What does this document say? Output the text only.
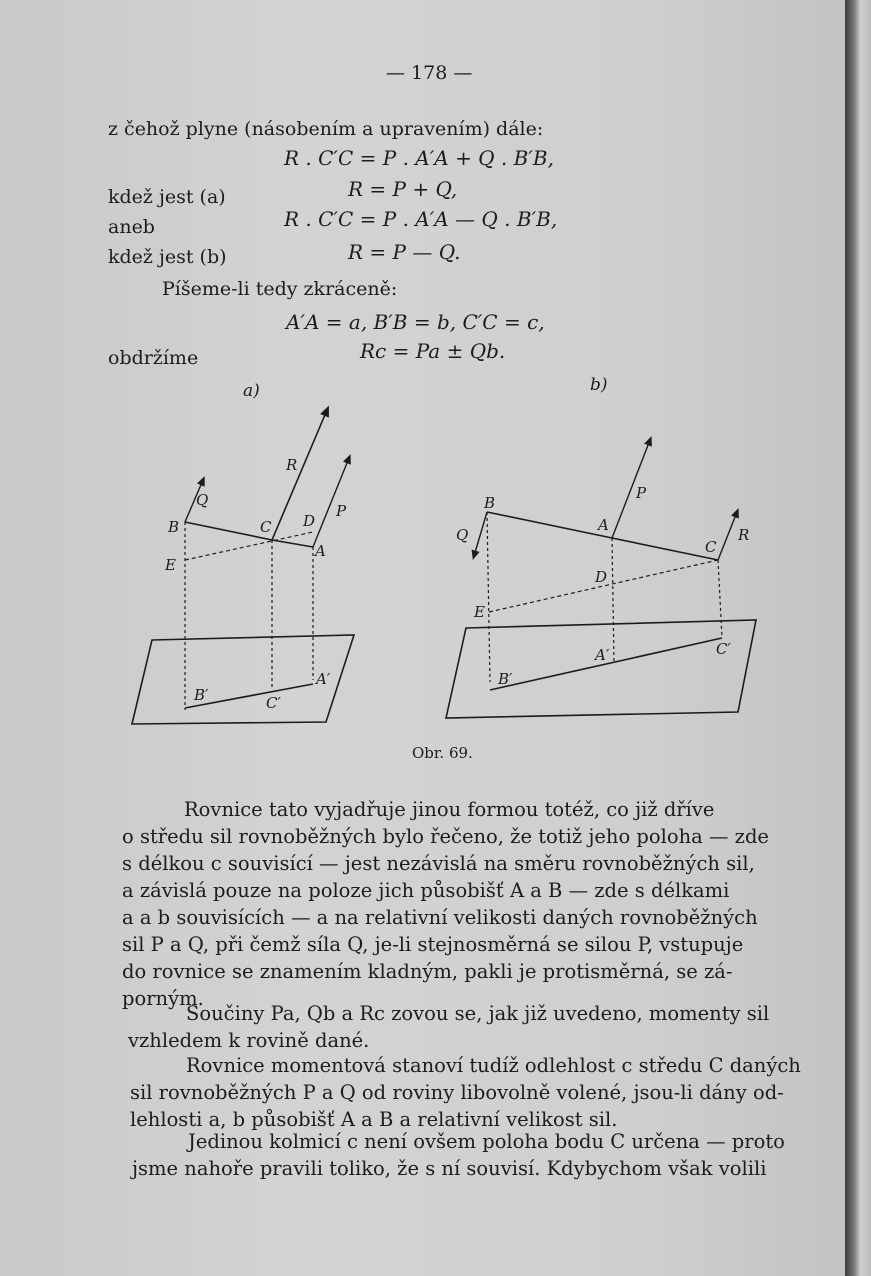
— 178 —
z čehož plyne (násobením a upravením) dále:
R . C′C = P . A′A + Q . B′B,
kdež jest (a)	R = P + Q,
aneb	R . C′C = P . A′A — Q . B′B,
kdež jest (b)	R = P — Q.
Píšeme-li tedy zkráceně:
A′A = a, B′B = b, C′C = c,
obdržíme	Rc = Pa ± Qb.
a)
R
Q
P
B	C D
A
E
B′	C′
A′
b)
B
Q
P
A
C
R
D
E
A′	C′
B′
Obr. 69.
Rovnice tato vyjadřuje jinou formou totéž, co již dříve
o středu sil rovnoběžných bylo řečeno, že totiž jeho poloha — zde
s délkou c souvisící — jest nezávislá na směru rovnoběžných sil,
a závislá pouze na poloze jich působišť A a B — zde s délkami
a a b souvisících — a na relativní velikosti daných rovnoběžných
sil P a Q, při čemž síla Q, je-li stejnosměrná se silou P, vstupuje
do rovnice se znamením kladným, pakli je protisměrná, se zá-
porným.
Součiny Pa, Qb a Rc zovou se, jak již uvedeno, momenty sil
vzhledem k rovině dané.
Rovnice momentová stanoví tudíž odlehlost c středu C daných
sil rovnoběžných P a Q od roviny libovolně volené, jsou-li dány od-
lehlosti a, b působišť A a B a relativní velikost sil.
Jedinou kolmicí c není ovšem poloha bodu C určena — proto
jsme nahoře pravili toliko, že s ní souvisí. Kdybychom však volili
